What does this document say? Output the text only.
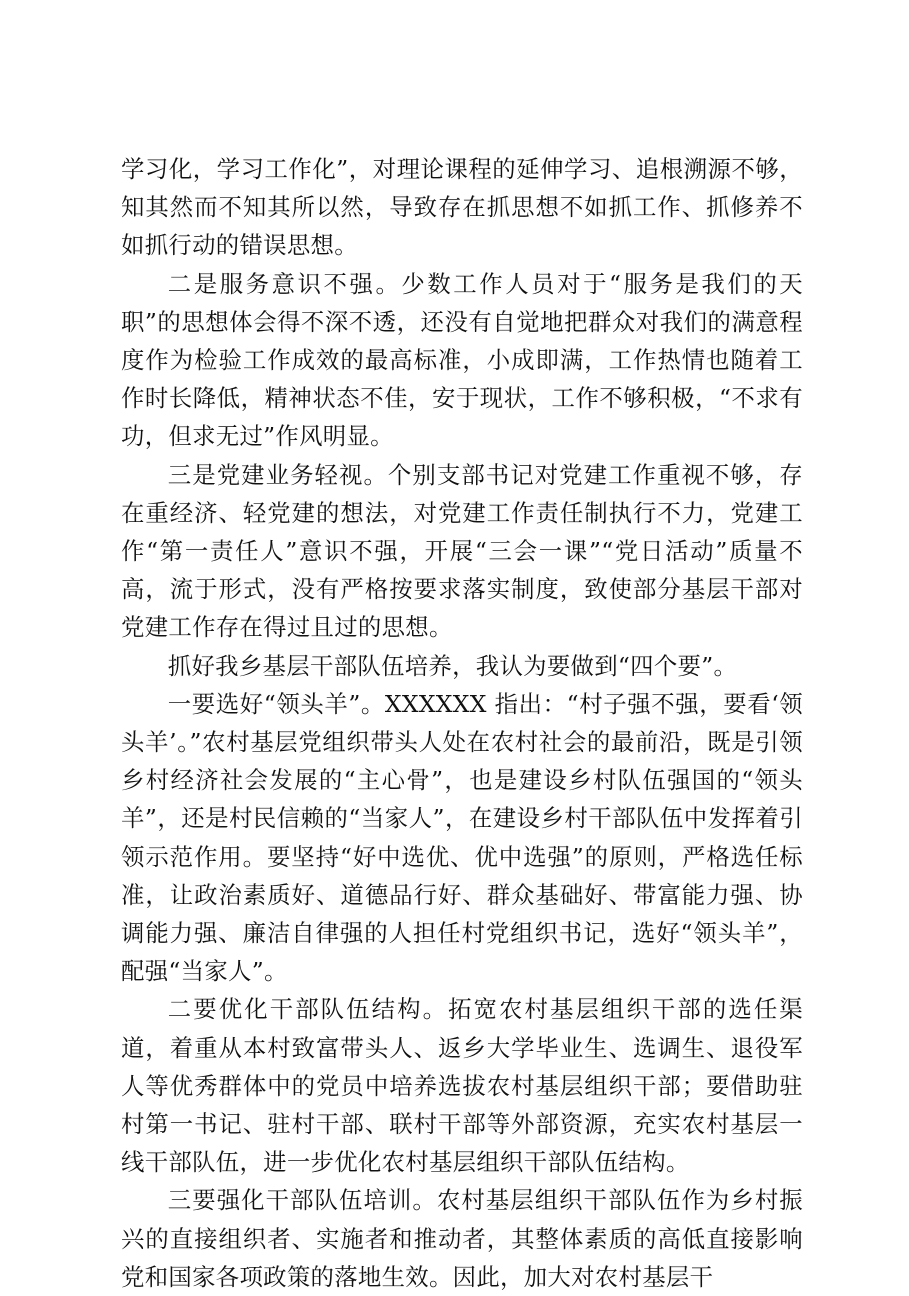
学习化，学习工作化”，对理论课程的延伸学习、追根溯源不够，知其然而不知其所以然，导致存在抓思想不如抓工作、抓修养不如抓行动的错误思想。

二是服务意识不强。少数工作人员对于“服务是我们的天职”的思想体会得不深不透，还没有自觉地把群众对我们的满意程度作为检验工作成效的最高标准，小成即满，工作热情也随着工作时长降低，精神状态不佳，安于现状，工作不够积极，“不求有功，但求无过”作风明显。

三是党建业务轻视。个别支部书记对党建工作重视不够，存在重经济、轻党建的想法，对党建工作责任制执行不力，党建工作“第一责任人”意识不强，开展“三会一课”“党日活动”质量不高，流于形式，没有严格按要求落实制度，致使部分基层干部对党建工作存在得过且过的思想。

抓好我乡基层干部队伍培养，我认为要做到“四个要”。

一要选好“领头羊”。XXXXXX 指出：“村子强不强，要看‘领头羊’。”农村基层党组织带头人处在农村社会的最前沿，既是引领乡村经济社会发展的“主心骨”，也是建设乡村队伍强国的“领头羊”，还是村民信赖的“当家人”，在建设乡村干部队伍中发挥着引领示范作用。要坚持“好中选优、优中选强”的原则，严格选任标准，让政治素质好、道德品行好、群众基础好、带富能力强、协调能力强、廉洁自律强的人担任村党组织书记，选好“领头羊”，配强“当家人”。

二要优化干部队伍结构。拓宽农村基层组织干部的选任渠道，着重从本村致富带头人、返乡大学毕业生、选调生、退役军人等优秀群体中的党员中培养选拔农村基层组织干部；要借助驻村第一书记、驻村干部、联村干部等外部资源，充实农村基层一线干部队伍，进一步优化农村基层组织干部队伍结构。

三要强化干部队伍培训。农村基层组织干部队伍作为乡村振兴的直接组织者、实施者和推动者，其整体素质的高低直接影响党和国家各项政策的落地生效。因此，加大对农村基层干
